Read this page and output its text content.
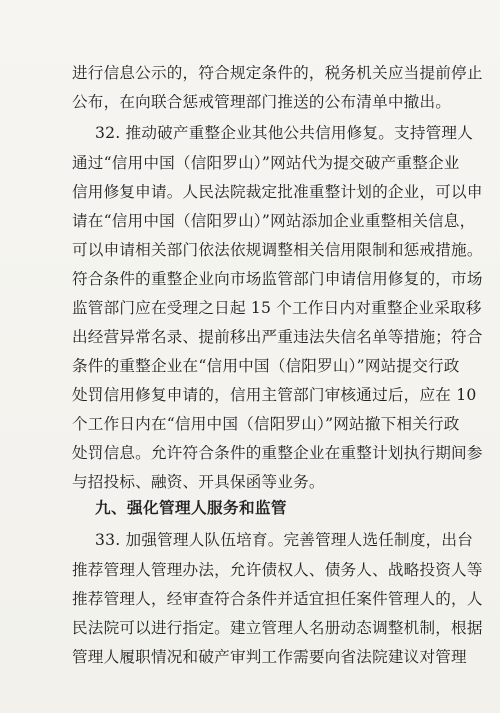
进行信息公示的，符合规定条件的，税务机关应当提前停止
公布，在向联合惩戒管理部门推送的公布清单中撤出。
32. 推动破产重整企业其他公共信用修复。支持管理人
通过“信用中国（信阳罗山）”网站代为提交破产重整企业
信用修复申请。人民法院裁定批准重整计划的企业，可以申
请在“信用中国（信阳罗山）”网站添加企业重整相关信息，
可以申请相关部门依法依规调整相关信用限制和惩戒措施。
符合条件的重整企业向市场监管部门申请信用修复的，市场
监管部门应在受理之日起 15 个工作日内对重整企业采取移
出经营异常名录、提前移出严重违法失信名单等措施；符合
条件的重整企业在“信用中国（信阳罗山）”网站提交行政
处罚信用修复申请的，信用主管部门审核通过后，应在 10
个工作日内在“信用中国（信阳罗山）”网站撤下相关行政
处罚信息。允许符合条件的重整企业在重整计划执行期间参
与招投标、融资、开具保函等业务。
九、强化管理人服务和监管
33. 加强管理人队伍培育。完善管理人选任制度，出台
推荐管理人管理办法，允许债权人、债务人、战略投资人等
推荐管理人，经审查符合条件并适宜担任案件管理人的，人
民法院可以进行指定。建立管理人名册动态调整机制，根据
管理人履职情况和破产审判工作需要向省法院建议对管理
